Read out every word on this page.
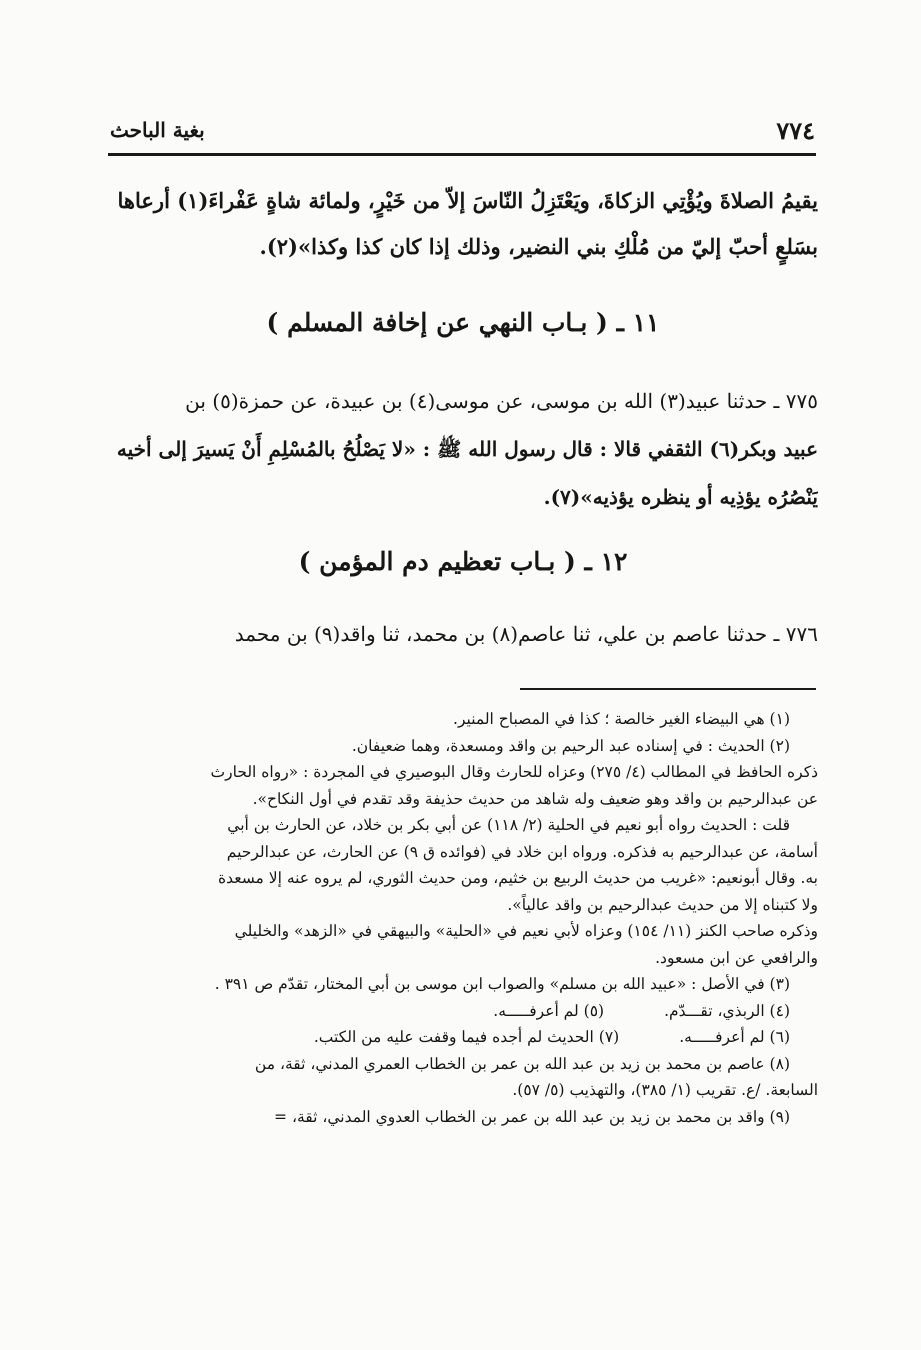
٧٧٤
بغية الباحث
يقيمُ الصلاةَ ويُؤْتِي الزكاةَ، ويَعْتَزِلُ النّاسَ إلاّ من خَيْرٍ، ولمائة شاةٍ عَفْراءَ(١) أرعاها
بسَلعٍ أحبّ إليّ من مُلْكِ بني النضير، وذلك إذا كان كذا وكذا»(٢).
١١ ـ ( بـاب النهي عن إخافة المسلم )
٧٧٥ ـ حدثنا عبيد(٣) الله بن موسى، عن موسى(٤) بن عبيدة، عن حمزة(٥) بن
عبيد وبكر(٦) الثقفي قالا : قال رسول الله ﷺ : «لا يَصْلُحُ بالمُسْلِمِ أَنْ يَسيرَ إلى أخيه
يَنْصُرُه يؤذِيه أو ينظره يؤذيه»(٧).
١٢ ـ ( بـاب تعظيم دم المؤمن )
٧٧٦ ـ حدثنا عاصم بن علي، ثنا عاصم(٨) بن محمد، ثنا واقد(٩) بن محمد
(١) هي البيضاء الغير خالصة ؛ كذا في المصباح المنير.
(٢) الحديث : في إسناده عبد الرحيم بن واقد ومسعدة، وهما ضعيفان.
ذكره الحافظ في المطالب (٤/ ٢٧٥) وعزاه للحارث وقال البوصيري في المجردة : «رواه الحارث
عن عبدالرحيم بن واقد وهو ضعيف وله شاهد من حديث حذيفة وقد تقدم في أول النكاح».
قلت : الحديث رواه أبو نعيم في الحلية (٢/ ١١٨) عن أبي بكر بن خلاد، عن الحارث بن أبي
أسامة، عن عبدالرحيم به فذكره. ورواه ابن خلاد في (فوائده ق ٩) عن الحارث، عن عبدالرحيم
به. وقال أبونعيم: «غريب من حديث الربيع بن خثيم، ومن حديث الثوري، لم يروه عنه إلا مسعدة
ولا كتبناه إلا من حديث عبدالرحيم بن واقد عالياً».
وذكره صاحب الكنز (١١/ ١٥٤) وعزاه لأبي نعيم في «الحلية» والبيهقي في «الزهد» والخليلي
والرافعي عن ابن مسعود.
(٣) في الأصل : «عبيد الله بن مسلم» والصواب ابن موسى بن أبي المختار، تقدّم ص ٣٩١ .
(٤) الربذي، تقـــدّم.
(٥) لم أعرفـــــه.
(٦) لم أعرفـــــه.
(٧) الحديث لم أجده فيما وقفت عليه من الكتب.
(٨) عاصم بن محمد بن زيد بن عبد الله بن عمر بن الخطاب العمري المدني، ثقة، من
السابعة. /ع. تقريب (١/ ٣٨٥)، والتهذيب (٥/ ٥٧).
(٩) واقد بن محمد بن زيد بن عبد الله بن عمر بن الخطاب العدوي المدني، ثقة، =
